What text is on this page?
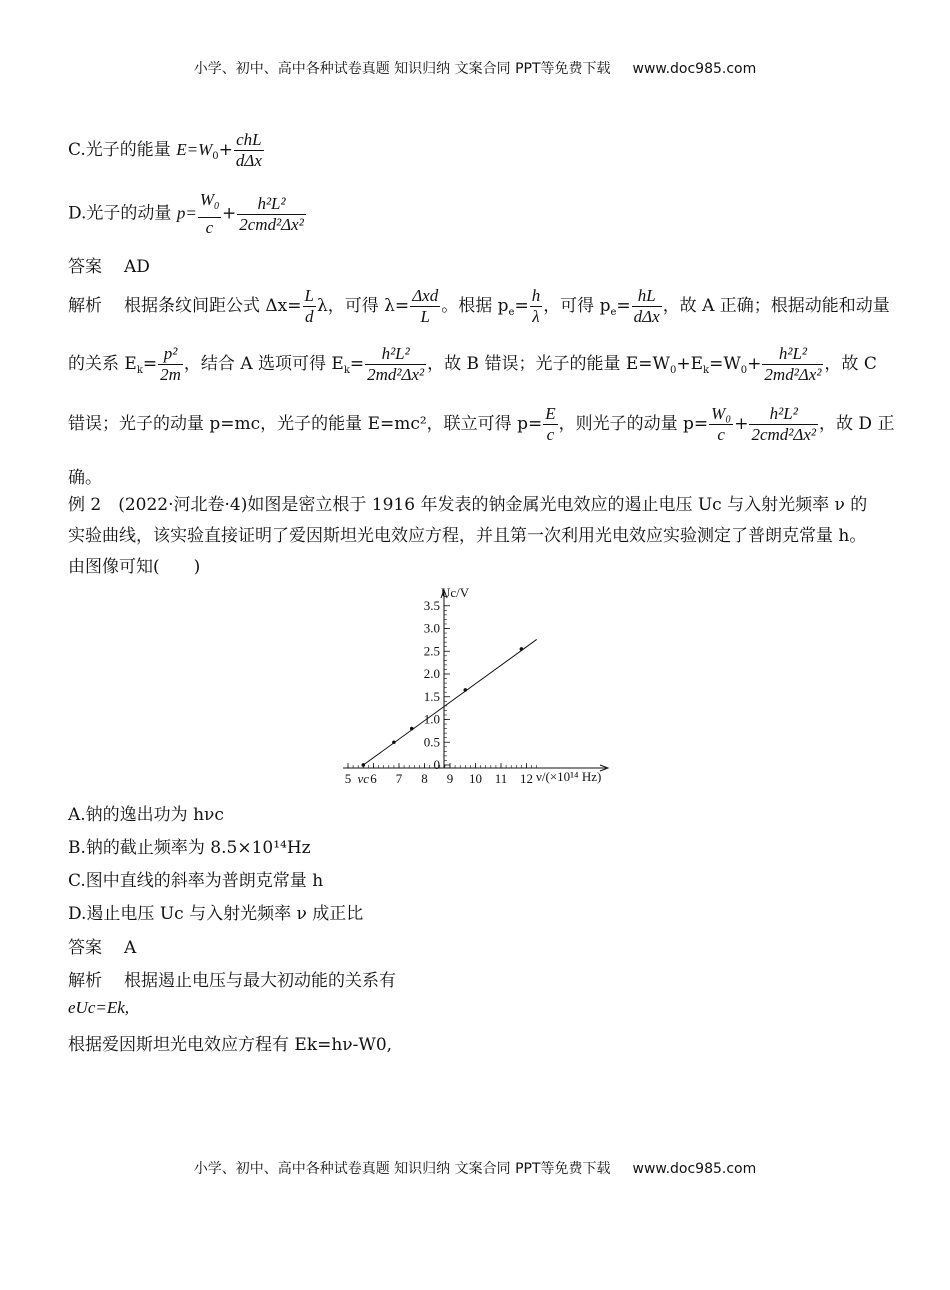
小学、初中、高中各种试卷真题 知识归纳 文案合同 PPT等免费下载 www.doc985.com
C.光子的能量 $E=W_0+ \frac{\text{chL}}{\text{dΔx}}$
D.光子的动量 $p= \frac{W_0}{c} + \frac{\text{h²L²}}{\text{2cmd²Δx²}}$
答案 AD
解析 根据条纹间距公式 $\Delta x= \frac{L}{d}$ λ，可得 $\lambda= \frac{\text{Δxd}}{L}$ 。根据 $p_e= \frac{h}{\lambda}$ ，可得 $p_e= \frac{hL}{\text{dΔx}}$ ，故 A 正确；根据动能和动量
的关系 $E_k= \frac{\text{p²}}{2m}$ ，结合 A 选项可得 $E_k= \frac{\text{h²L²}}{\text{2md²Δx²}}$ ，故 B 错误；光子的能量 $E=W_0+E_k=W_0+ \frac{\text{h²L²}}{\text{2md²Δx²}}$ ，故 C
错误；光子的动量 p=mc，光子的能量 E=mc²，联立可得 $p= \frac{E}{c}$ ，则光子的动量 $p= \frac{\text{W₀}}{c} + \frac{\text{h²L²}}{\text{2cmd²Δx²}}$ ，故 D 正
确。
例 2　(2022·河北卷·4)如图是密立根于 1916 年发表的钠金属光电效应的遏止电压 Uc 与入射光频率 ν 的实验曲线，该实验直接证明了爱因斯坦光电效应方程，并且第一次利用光电效应实验测定了普朗克常量 h。由图像可知(　　)
0
0.5
1.0
1.5
2.0
2.5
3.0
3.5
5 νc 6 7 8 9 10 11 12
Uc/V
ν/(×10¹⁴ Hz)
A.钠的逸出功为 hνc
B.钠的截止频率为 8.5×10¹⁴Hz
C.图中直线的斜率为普朗克常量 h
D.遏止电压 Uc 与入射光频率 ν 成正比
答案 A
解析 根据遏止电压与最大初动能的关系有
eUc=Ek,
根据爱因斯坦光电效应方程有 Ek=hν-W0,
小学、初中、高中各种试卷真题 知识归纳 文案合同 PPT等免费下载 www.doc985.com
